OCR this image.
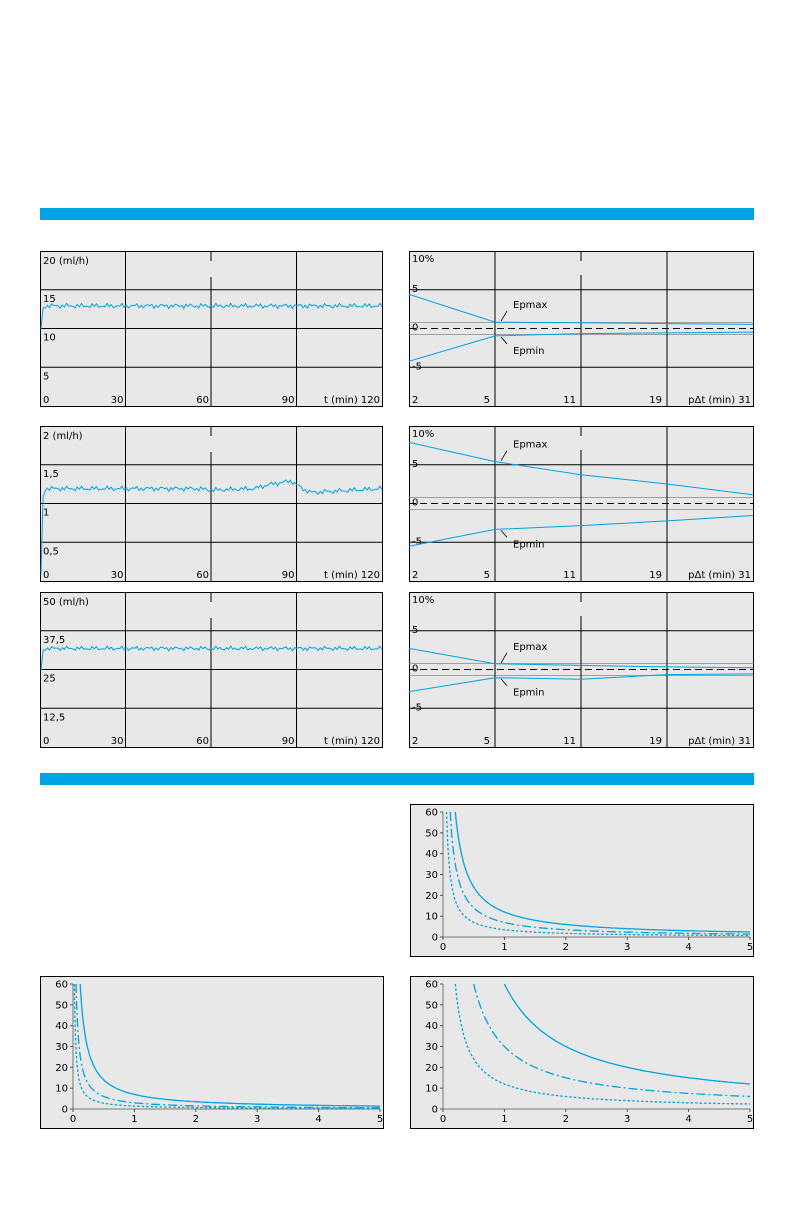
20 (ml/h)
15
10
5
0	30	60	90	t (min) 120
10%
5
0
-5
2	5	11	19	pΔt (min) 31
Epmax
Epmin
2 (ml/h)
1,5
1
0,5
0	30	60	90	t (min) 120
10%
5
0
-5
2	5	11	19	pΔt (min) 31
Epmax
Epmin
50 (ml/h)
37,5
25
12,5
0	30	60	90	t (min) 120
10%
5
0
-5
2	5	11	19	pΔt (min) 31
Epmax
Epmin
60
50
40
30
20
10
0
0	1	2	3	4	5
60
50
40
30
20
10
0
0	1	2	3	4	5
60
50
40
30
20
10
0
0	1	2	3	4	5
